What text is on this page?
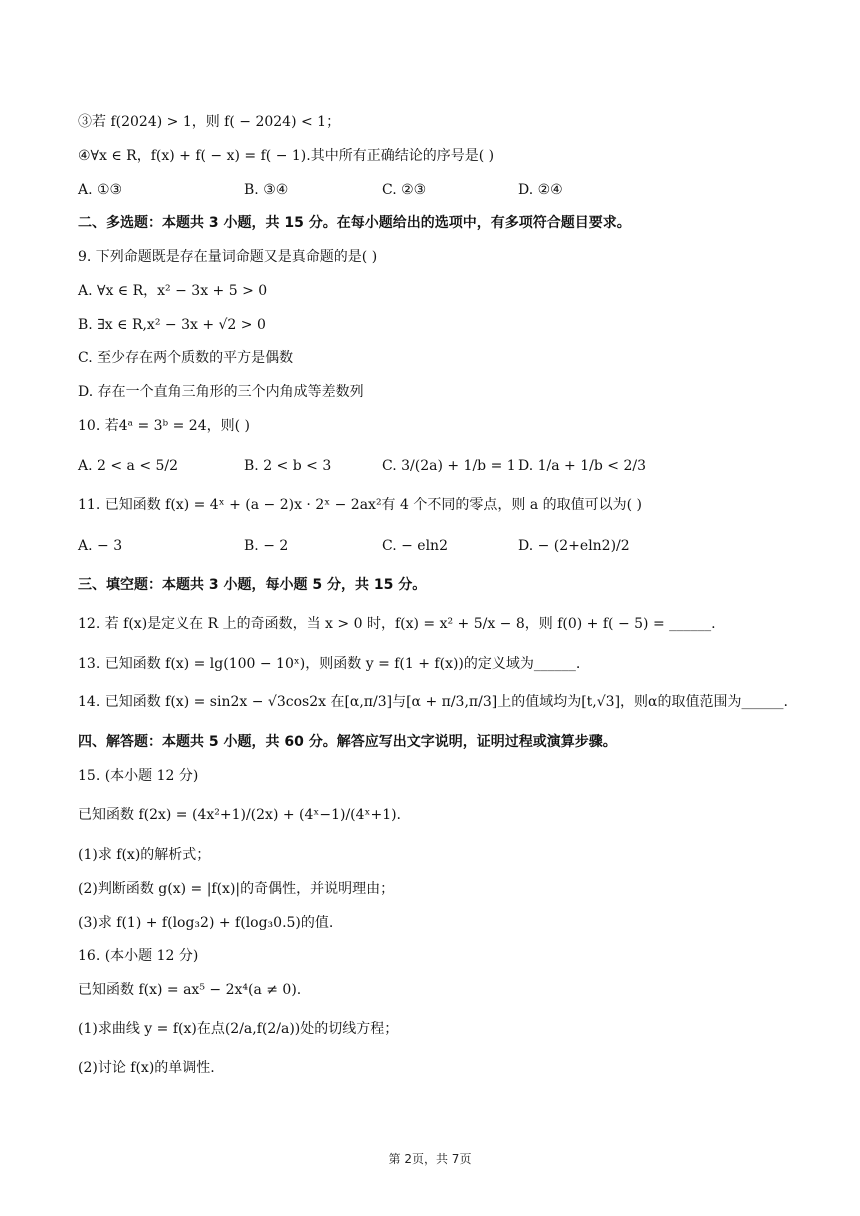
③若 f(2024) > 1，则 f( − 2024) < 1；
④∀x ∈ R，f(x) + f( − x) = f( − 1).其中所有正确结论的序号是( )
A. ①③	B. ③④	C. ②③	D. ②④
二、多选题：本题共 3 小题，共 15 分。在每小题给出的选项中，有多项符合题目要求。
9. 下列命题既是存在量词命题又是真命题的是( )
A. ∀x ∈ R，x² − 3x + 5 > 0
B. ∃x ∈ R,x² − 3x + √2 > 0
C. 至少存在两个质数的平方是偶数
D. 存在一个直角三角形的三个内角成等差数列
10. 若4ᵃ = 3ᵇ = 24，则( )
A. 2 < a < 5/2	B. 2 < b < 3	C. 3/(2a) + 1/b = 1 D. 1/a + 1/b < 2/3
11. 已知函数 f(x) = 4ˣ + (a − 2)x · 2ˣ − 2ax²有 4 个不同的零点，则 a 的取值可以为( )
A. − 3	B. − 2	C. − eln2	D. − (2+eln2)/2
三、填空题：本题共 3 小题，每小题 5 分，共 15 分。
12. 若 f(x)是定义在 R 上的奇函数，当 x > 0 时，f(x) = x² + 5/x − 8，则 f(0) + f( − 5) = ______.
13. 已知函数 f(x) = lg(100 − 10ˣ)，则函数 y = f(1 + f(x))的定义域为______.
14. 已知函数 f(x) = sin2x − √3cos2x 在[α,π/3]与[α + π/3,π/3]上的值域均为[t,√3]，则α的取值范围为______.
四、解答题：本题共 5 小题，共 60 分。解答应写出文字说明，证明过程或演算步骤。
15. (本小题 12 分)
已知函数 f(2x) = (4x²+1)/(2x) + (4ˣ−1)/(4ˣ+1).
(1)求 f(x)的解析式；
(2)判断函数 g(x) = |f(x)|的奇偶性，并说明理由；
(3)求 f(1) + f(log₃2) + f(log₃0.5)的值.
16. (本小题 12 分)
已知函数 f(x) = ax⁵ − 2x⁴(a ≠ 0).
(1)求曲线 y = f(x)在点(2/a,f(2/a))处的切线方程；
(2)讨论 f(x)的单调性.
第 2页，共 7页
